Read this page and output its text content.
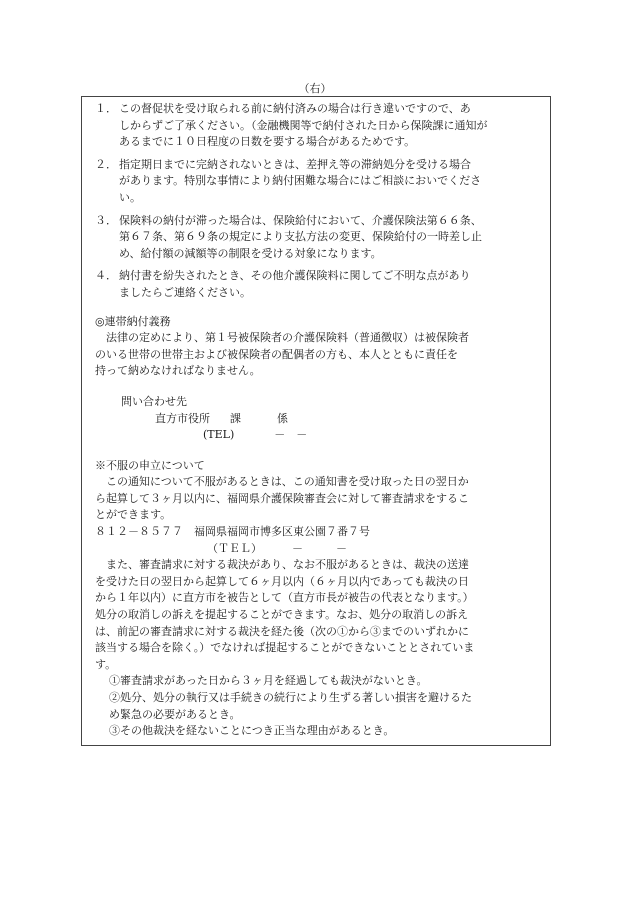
（右）
１． この督促状を受け取られる前に納付済みの場合は行き違いですので、あ
しからずご了承ください。（金融機関等で納付された日から保険課に通知が
あるまでに１０日程度の日数を要する場合があるためです。
２． 指定期日までに完納されないときは、差押え等の滞納処分を受ける場合
があります。特別な事情により納付困難な場合にはご相談においでくださ
い。
３． 保険料の納付が滞った場合は、保険給付において、介護保険法第６６条、
第６７条、第６９条の規定により支払方法の変更、保険給付の一時差し止
め、給付額の減額等の制限を受ける対象になります。
４． 納付書を紛失されたとき、その他介護保険料に関してご不明な点があり
ましたらご連絡ください。
◎連帯納付義務
法律の定めにより、第１号被保険者の介護保険料（普通徴収）は被保険者
のいる世帯の世帯主および被保険者の配偶者の方も、本人とともに責任を
持って納めなければなりません。
問い合わせ先
直方市役所 課	係
(TEL)	－　－
※不服の申立について
この通知について不服があるときは、この通知書を受け取った日の翌日か
ら起算して３ヶ月以内に、福岡県介護保険審査会に対して審査請求をするこ
とができます。
８１２－８５７７　福岡県福岡市博多区東公園７番７号
（ＴＥＬ）	－　　　－
また、審査請求に対する裁決があり、なお不服があるときは、裁決の送達
を受けた日の翌日から起算して６ヶ月以内（６ヶ月以内であっても裁決の日
から１年以内）に直方市を被告として（直方市長が被告の代表となります。）
処分の取消しの訴えを提起することができます。なお、処分の取消しの訴え
は、前記の審査請求に対する裁決を経た後（次の①から③までのいずれかに
該当する場合を除く。）でなければ提起することができないこととされていま
す。
①審査請求があった日から３ヶ月を経過しても裁決がないとき。
②処分、処分の執行又は手続きの続行により生ずる著しい損害を避けるた
め緊急の必要があるとき。
③その他裁決を経ないことにつき正当な理由があるとき。
